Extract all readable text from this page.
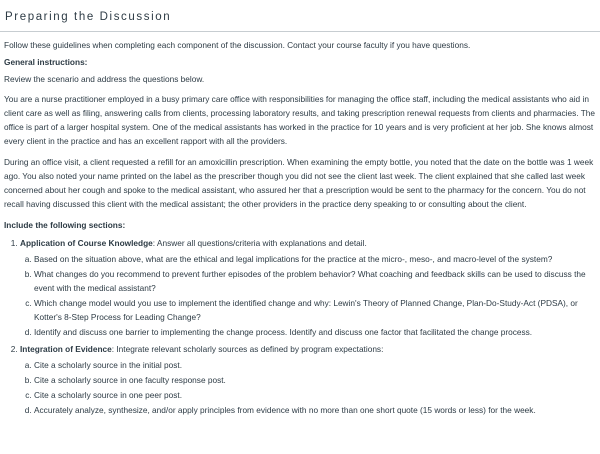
Preparing the Discussion

Follow these guidelines when completing each component of the discussion. Contact your course faculty if you have questions.

General instructions:

Review the scenario and address the questions below.

You are a nurse practitioner employed in a busy primary care office with responsibilities for managing the office staff, including the medical assistants who aid in client care as well as filing, answering calls from clients, processing laboratory results, and taking prescription renewal requests from clients and pharmacies. The office is part of a larger hospital system. One of the medical assistants has worked in the practice for 10 years and is very proficient at her job. She knows almost every client in the practice and has an excellent rapport with all the providers.

During an office visit, a client requested a refill for an amoxicillin prescription. When examining the empty bottle, you noted that the date on the bottle was 1 week ago. You also noted your name printed on the label as the prescriber though you did not see the client last week. The client explained that she called last week concerned about her cough and spoke to the medical assistant, who assured her that a prescription would be sent to the pharmacy for the concern. You do not recall having discussed this client with the medical assistant; the other providers in the practice deny speaking to or consulting about the client.

Include the following sections:

1. Application of Course Knowledge: Answer all questions/criteria with explanations and detail.
a. Based on the situation above, what are the ethical and legal implications for the practice at the micro-, meso-, and macro-level of the system?
b. What changes do you recommend to prevent further episodes of the problem behavior? What coaching and feedback skills can be used to discuss the event with the medical assistant?
c. Which change model would you use to implement the identified change and why: Lewin's Theory of Planned Change, Plan-Do-Study-Act (PDSA), or Kotter's 8-Step Process for Leading Change?
d. Identify and discuss one barrier to implementing the change process. Identify and discuss one factor that facilitated the change process.
2. Integration of Evidence: Integrate relevant scholarly sources as defined by program expectations:
a. Cite a scholarly source in the initial post.
b. Cite a scholarly source in one faculty response post.
c. Cite a scholarly source in one peer post.
d. Accurately analyze, synthesize, and/or apply principles from evidence with no more than one short quote (15 words or less) for the week.
